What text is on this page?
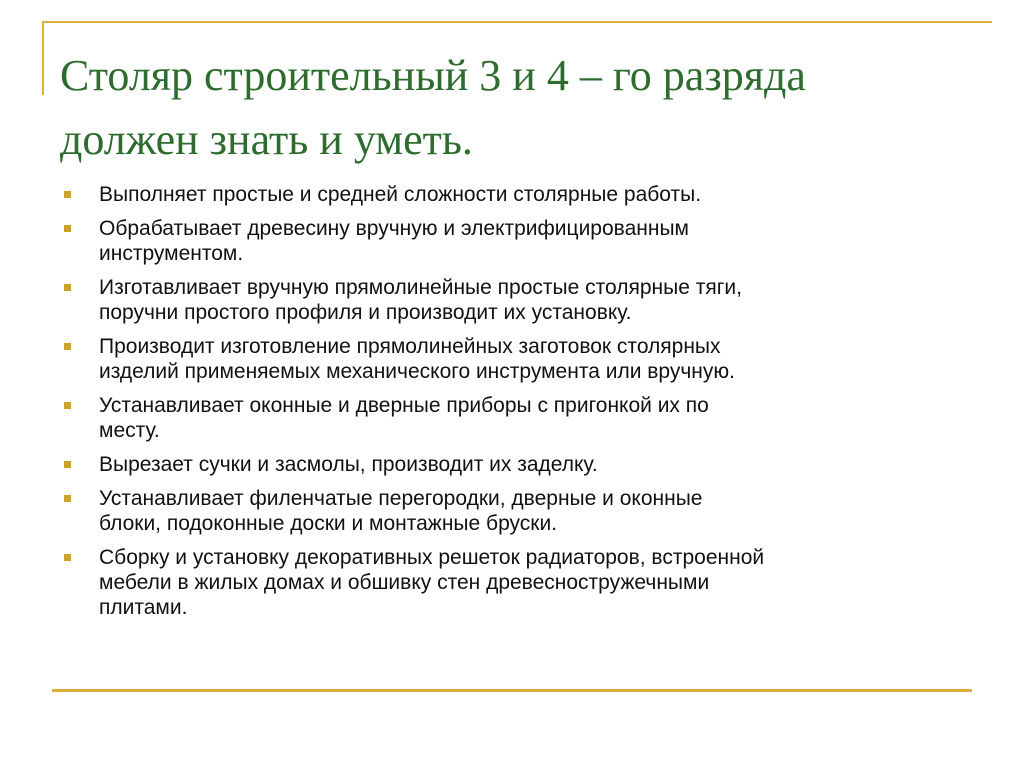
Столяр строительный 3 и 4 – го разряда
должен знать и уметь.
Выполняет простые и средней сложности столярные работы.
Обрабатывает древесину вручную и электрифицированным
инструментом.
Изготавливает вручную прямолинейные простые столярные тяги,
поручни простого профиля и производит их установку.
Производит изготовление прямолинейных заготовок столярных
изделий применяемых механического инструмента или вручную.
Устанавливает оконные и дверные приборы с пригонкой их по
месту.
Вырезает сучки и засмолы, производит их заделку.
Устанавливает филенчатые перегородки, дверные и оконные
блоки, подоконные доски и монтажные бруски.
Сборку и установку декоративных решеток радиаторов, встроенной
мебели в жилых домах и обшивку стен древесностружечными
плитами.
